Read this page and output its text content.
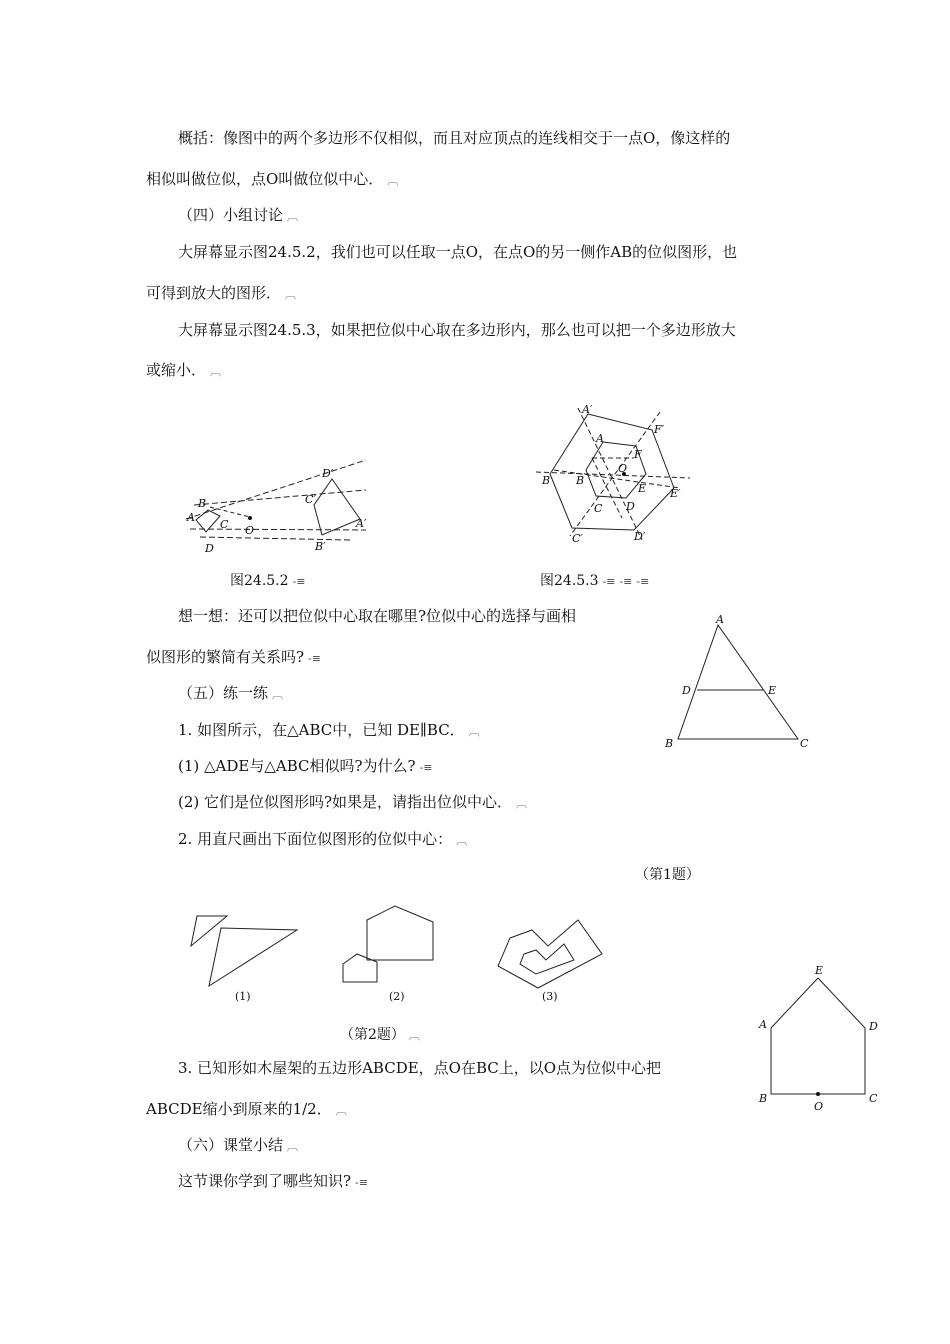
概括：像图中的两个多边形不仅相似，而且对应顶点的连线相交于一点O，像这样的
相似叫做位似，点O叫做位似中心． ︹
（四）小组讨论 ︹
大屏幕显示图24.5.2，我们也可以任取一点O，在点O的另一侧作AB的位似图形，也
可得到放大的图形． ︹
大屏幕显示图24.5.3，如果把位似中心取在多边形内，那么也可以把一个多边形放大
或缩小． ︹
A
B
C
D
O
A′
B′
C′
D′
图24.5.2 -≡
A′
F′
A
F
B B
O
E E′
C D
C′	D′
图24.5.3 -≡ -≡ -≡
想一想：还可以把位似中心取在哪里?位似中心的选择与画相
似图形的繁简有关系吗? -≡
A
D	E
B	C
（五）练一练 ︹
1. 如图所示，在△ABC中，已知 DE∥BC． ︹
(1) △ADE与△ABC相似吗?为什么? -≡
(2) 它们是位似图形吗?如果是，请指出位似中心． ︹
2. 用直尺画出下面位似图形的位似中心： ︹
（第1题）
(1)	(2)	(3)
（第2题） ︹
E
A	D
B
O
C
3. 已知形如木屋架的五边形ABCDE，点O在BC上，以O点为位似中心把
ABCDE缩小到原来的1/2． ︹
（六）课堂小结 ︹
这节课你学到了哪些知识? -≡
